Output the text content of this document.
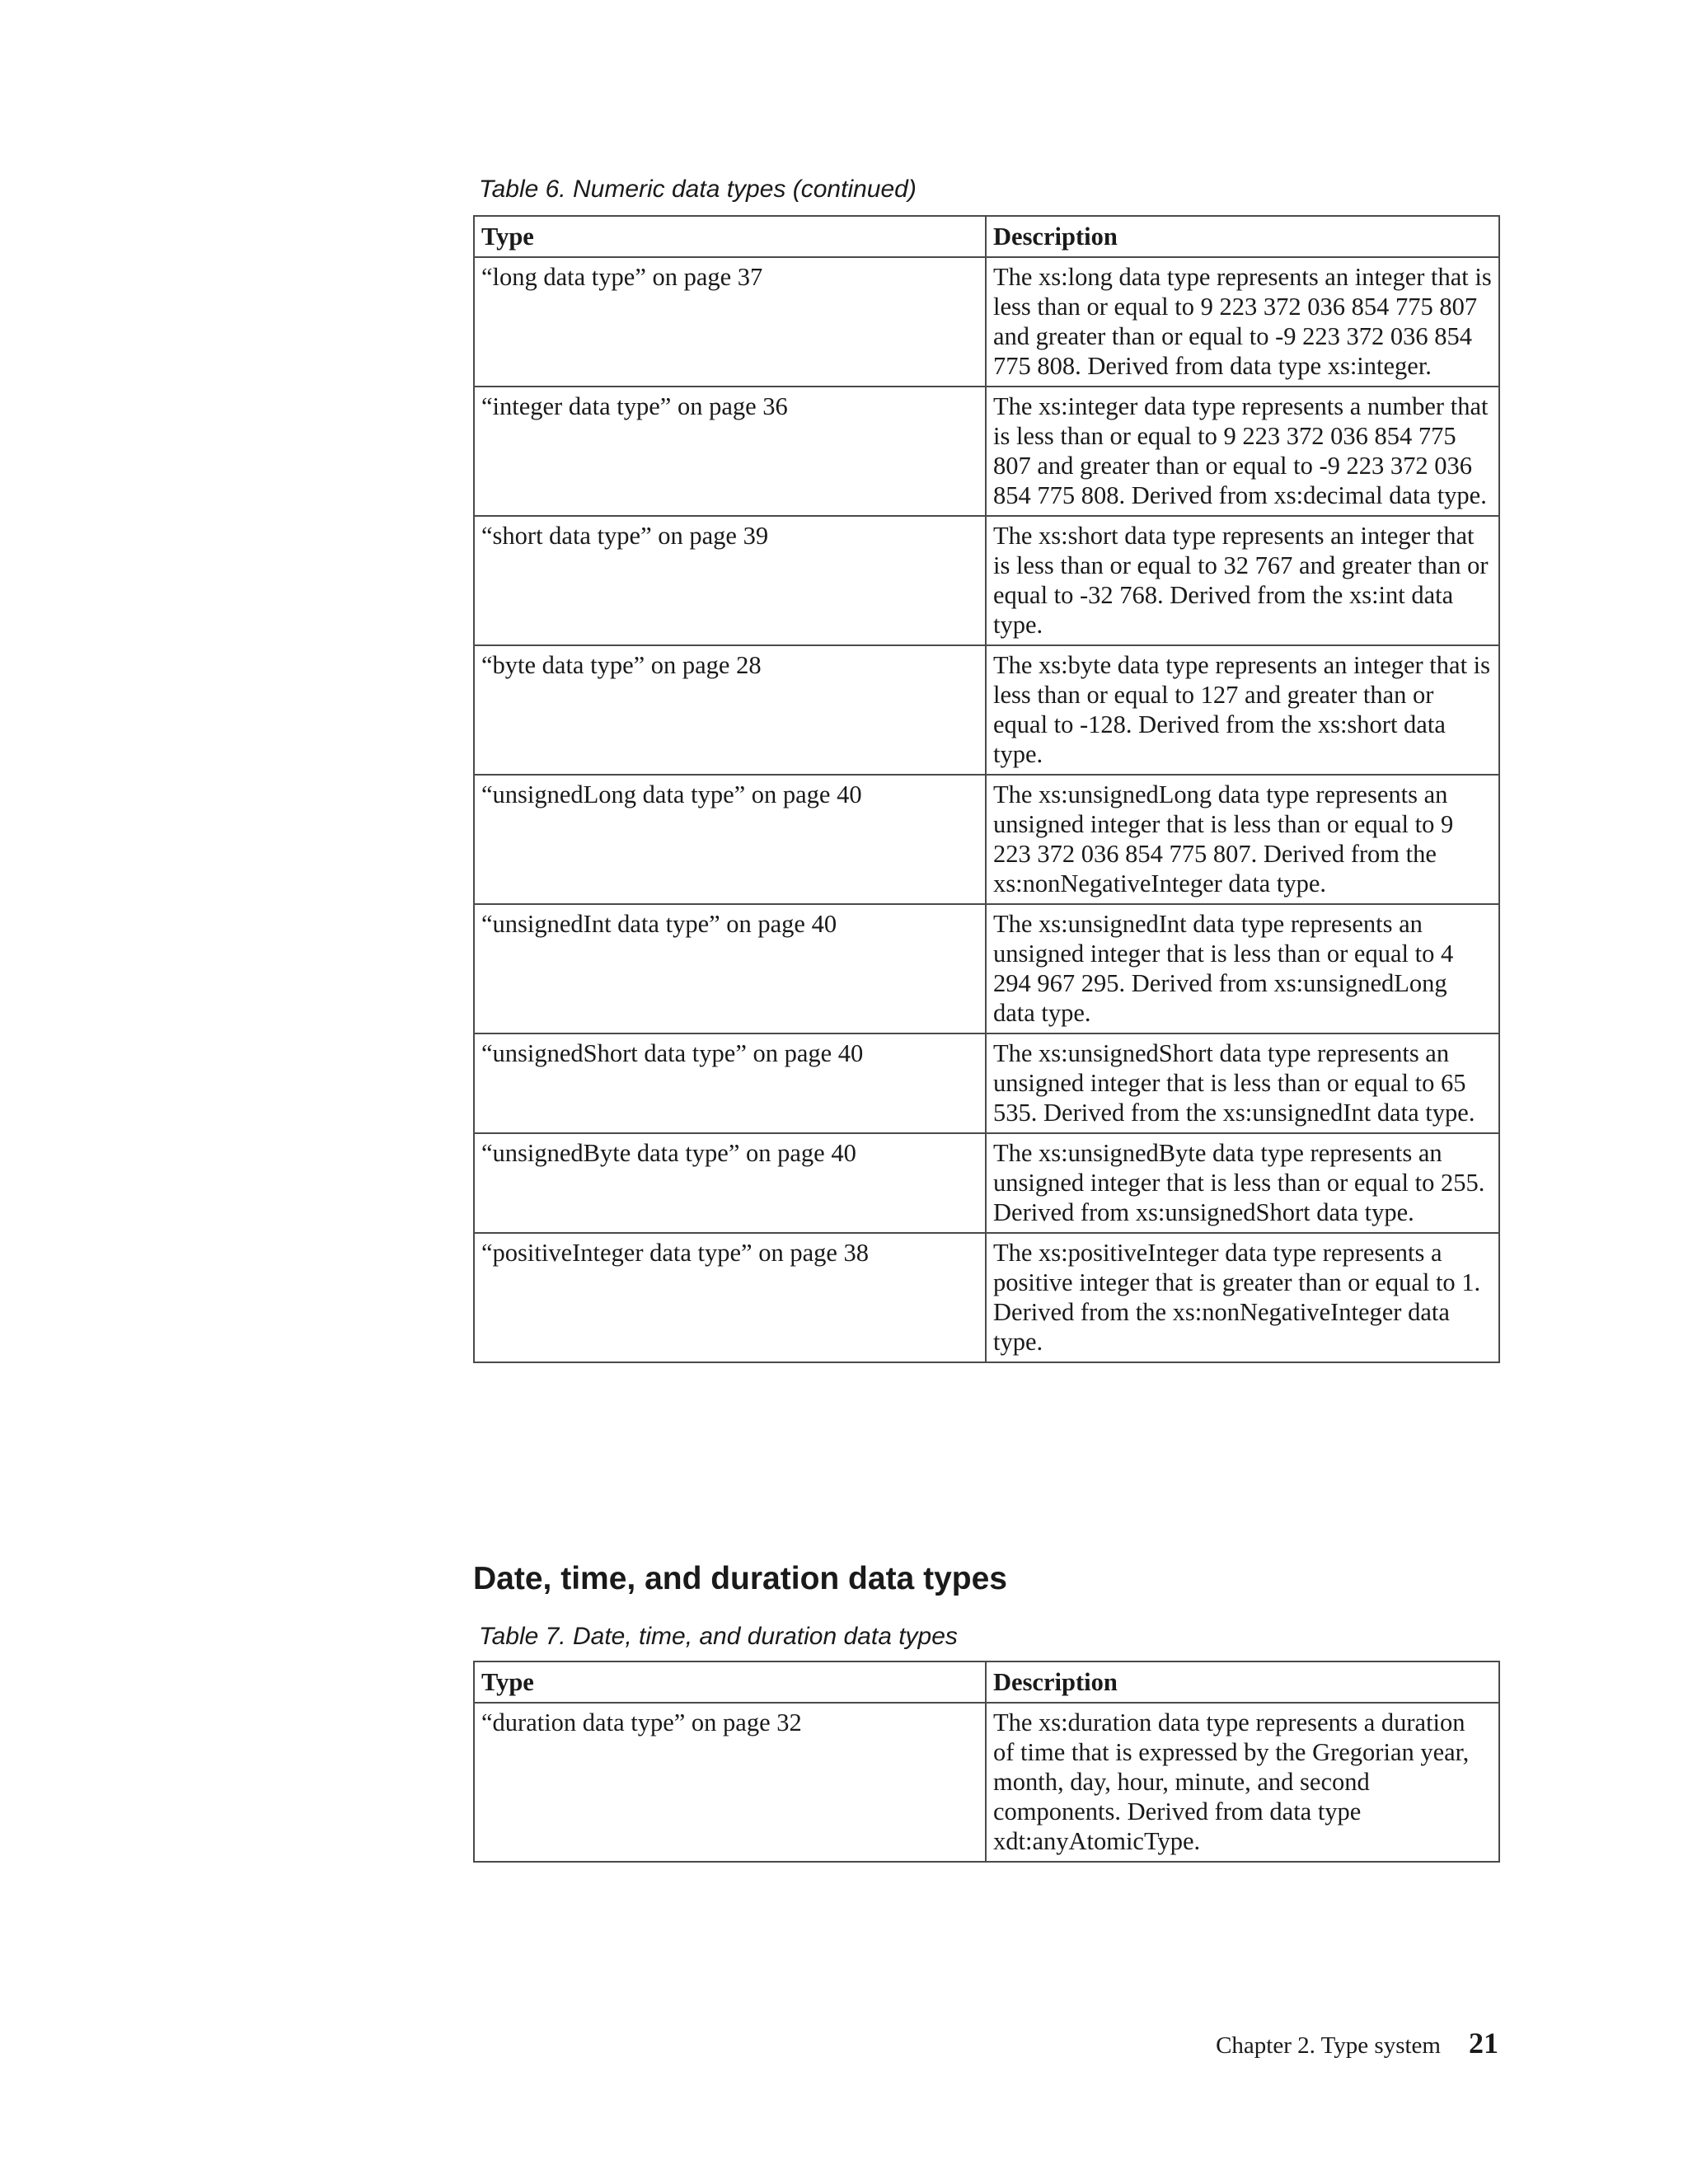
Table 6. Numeric data types (continued)

Type	Description
“long data type” on page 37	The xs:long data type represents an integer that is less than or equal to 9 223 372 036 854 775 807 and greater than or equal to -9 223 372 036 854 775 808. Derived from data type xs:integer.
“integer data type” on page 36	The xs:integer data type represents a number that is less than or equal to 9 223 372 036 854 775 807 and greater than or equal to -9 223 372 036 854 775 808. Derived from xs:decimal data type.
“short data type” on page 39	The xs:short data type represents an integer that is less than or equal to 32 767 and greater than or equal to -32 768. Derived from the xs:int data type.
“byte data type” on page 28	The xs:byte data type represents an integer that is less than or equal to 127 and greater than or equal to -128. Derived from the xs:short data type.
“unsignedLong data type” on page 40	The xs:unsignedLong data type represents an unsigned integer that is less than or equal to 9 223 372 036 854 775 807. Derived from the xs:nonNegativeInteger data type.
“unsignedInt data type” on page 40	The xs:unsignedInt data type represents an unsigned integer that is less than or equal to 4 294 967 295. Derived from xs:unsignedLong data type.
“unsignedShort data type” on page 40	The xs:unsignedShort data type represents an unsigned integer that is less than or equal to 65 535. Derived from the xs:unsignedInt data type.
“unsignedByte data type” on page 40	The xs:unsignedByte data type represents an unsigned integer that is less than or equal to 255. Derived from xs:unsignedShort data type.
“positiveInteger data type” on page 38	The xs:positiveInteger data type represents a positive integer that is greater than or equal to 1. Derived from the xs:nonNegativeInteger data type.
Date, time, and duration data types

Table 7. Date, time, and duration data types

Type	Description
“duration data type” on page 32	The xs:duration data type represents a duration of time that is expressed by the Gregorian year, month, day, hour, minute, and second components. Derived from data type xdt:anyAtomicType.
Chapter 2. Type system 21
